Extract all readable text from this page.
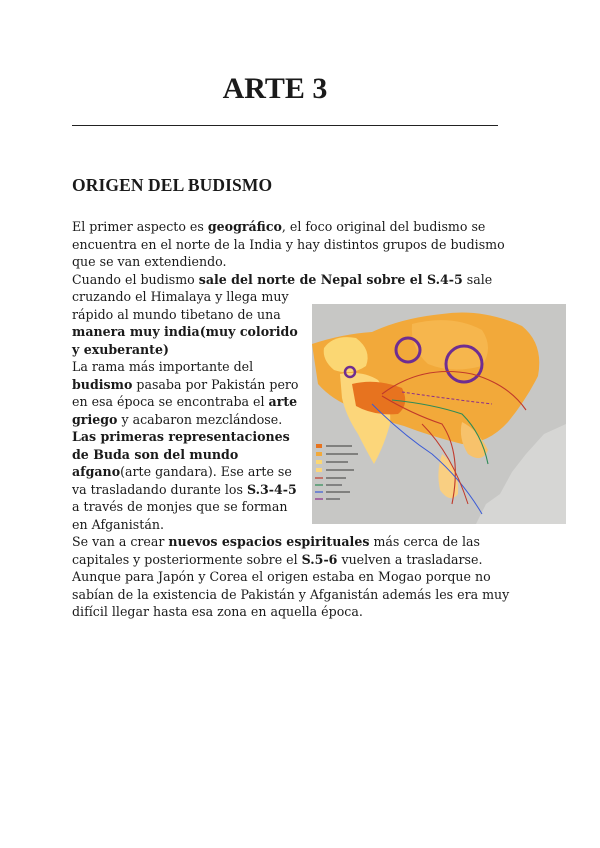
ARTE 3
ORIGEN DEL BUDISMO

El primer aspecto es geográfico, el foco original del budismo se encuentra en el norte de la India y hay distintos grupos de budismo que se van extendiendo.

Cuando el budismo sale del norte de Nepal sobre el S.4-5 sale

cruzando el Himalaya y llega muy rápido al mundo tibetano de una manera muy india(muy colorido y exuberante)

La rama más importante del budismo pasaba por Pakistán pero en esa época se encontraba el arte griego y acabaron mezclándose. Las primeras representaciones de Buda son del mundo afgano(arte gandara). Ese arte se va trasladando durante los S.3-4-5 a través de monjes que se forman en Afganistán.

Se van a crear nuevos espacios espirituales más cerca de las capitales y posteriormente sobre el S.5-6 vuelven a trasladarse. Aunque para Japón y Corea el origen estaba en Mogao porque no sabían de la existencia de Pakistán y Afganistán además les era muy difícil llegar hasta esa zona en aquella época.
